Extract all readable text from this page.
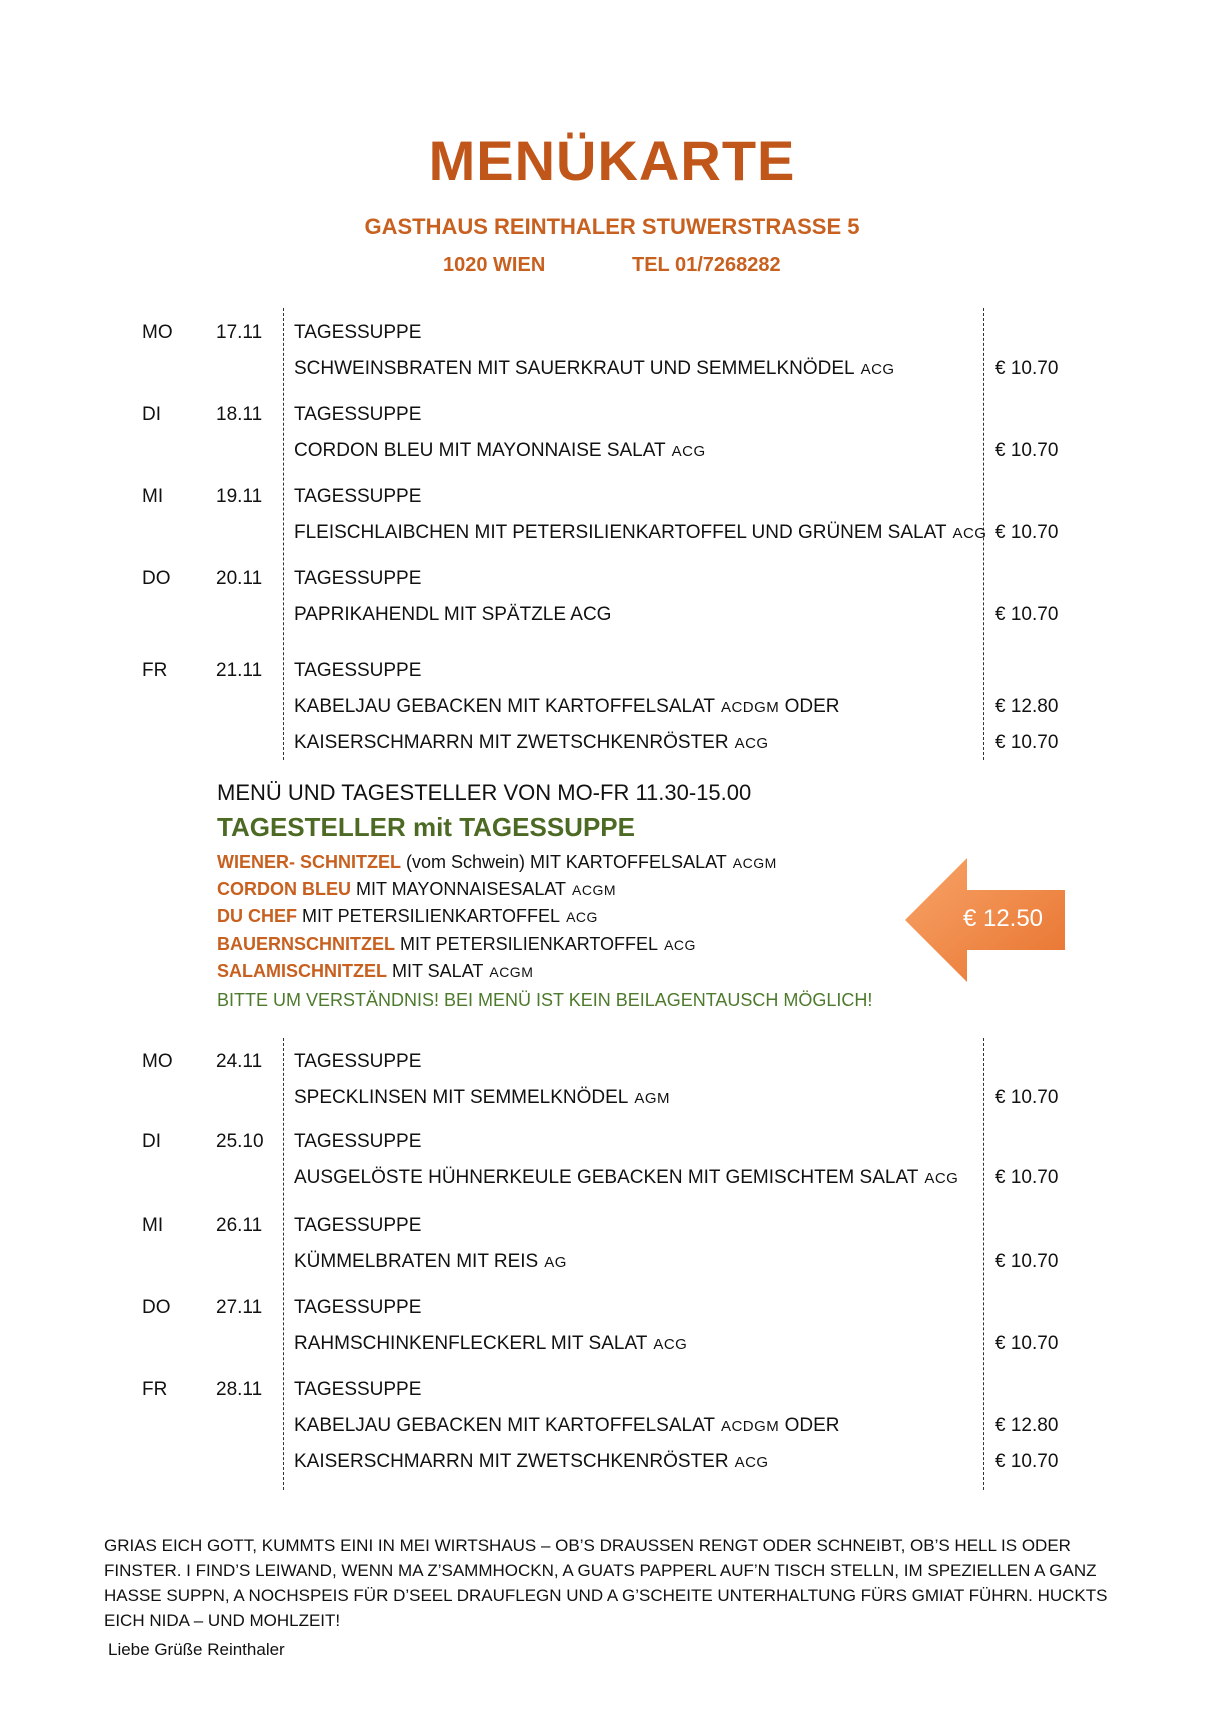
MENÜKARTE
GASTHAUS REINTHALER STUWERSTRASSE 5
1020 WIEN	TEL 01/7268282
MO 17.11 TAGESSUPPE
SCHWEINSBRATEN MIT SAUERKRAUT UND SEMMELKNÖDEL ACG	€ 10.70
DI	18.11 TAGESSUPPE
CORDON BLEU MIT MAYONNAISE SALAT ACG	€ 10.70
MI	19.11 TAGESSUPPE
FLEISCHLAIBCHEN MIT PETERSILIENKARTOFFEL UND GRÜNEM SALAT ACG € 10.70
DO 20.11 TAGESSUPPE
PAPRIKAHENDL MIT SPÄTZLE ACG	€ 10.70
FR	21.11 TAGESSUPPE
KABELJAU GEBACKEN MIT KARTOFFELSALAT ACDGM ODER	€ 12.80
KAISERSCHMARRN MIT ZWETSCHKENRÖSTER ACG	€ 10.70
MENÜ UND TAGESTELLER VON MO-FR 11.30-15.00
TAGESTELLER mit TAGESSUPPE
WIENER- SCHNITZEL (vom Schwein) MIT KARTOFFELSALAT ACGM
CORDON BLEU MIT MAYONNAISESALAT ACGM
DU CHEF MIT PETERSILIENKARTOFFEL ACG
BAUERNSCHNITZEL MIT PETERSILIENKARTOFFEL ACG
SALAMISCHNITZEL MIT SALAT ACGM
BITTE UM VERSTÄNDNIS! BEI MENÜ IST KEIN BEILAGENTAUSCH MÖGLICH!
€ 12.50
MO 24.11 TAGESSUPPE
SPECKLINSEN MIT SEMMELKNÖDEL AGM	€ 10.70
DI	25.10 TAGESSUPPE
AUSGELÖSTE HÜHNERKEULE GEBACKEN MIT GEMISCHTEM SALAT ACG € 10.70
MI	26.11 TAGESSUPPE
KÜMMELBRATEN MIT REIS AG	€ 10.70
DO 27.11 TAGESSUPPE
RAHMSCHINKENFLECKERL MIT SALAT ACG	€ 10.70
FR	28.11 TAGESSUPPE
KABELJAU GEBACKEN MIT KARTOFFELSALAT ACDGM ODER	€ 12.80
KAISERSCHMARRN MIT ZWETSCHKENRÖSTER ACG	€ 10.70
GRIAS EICH GOTT, KUMMTS EINI IN MEI WIRTSHAUS – OB’S DRAUSSEN RENGT ODER SCHNEIBT, OB’S HELL IS ODER FINSTER. I FIND’S LEIWAND, WENN MA Z’SAMMHOCKN, A GUATS PAPPERL AUF’N TISCH STELLN, IM SPEZIELLEN A GANZ HASSE SUPPN, A NOCHSPEIS FÜR D’SEEL DRAUFLEGN UND A G’SCHEITE UNTERHALTUNG FÜRS GMIAT FÜHRN. HUCKTS EICH NIDA – UND MOHLZEIT!
Liebe Grüße Reinthaler
